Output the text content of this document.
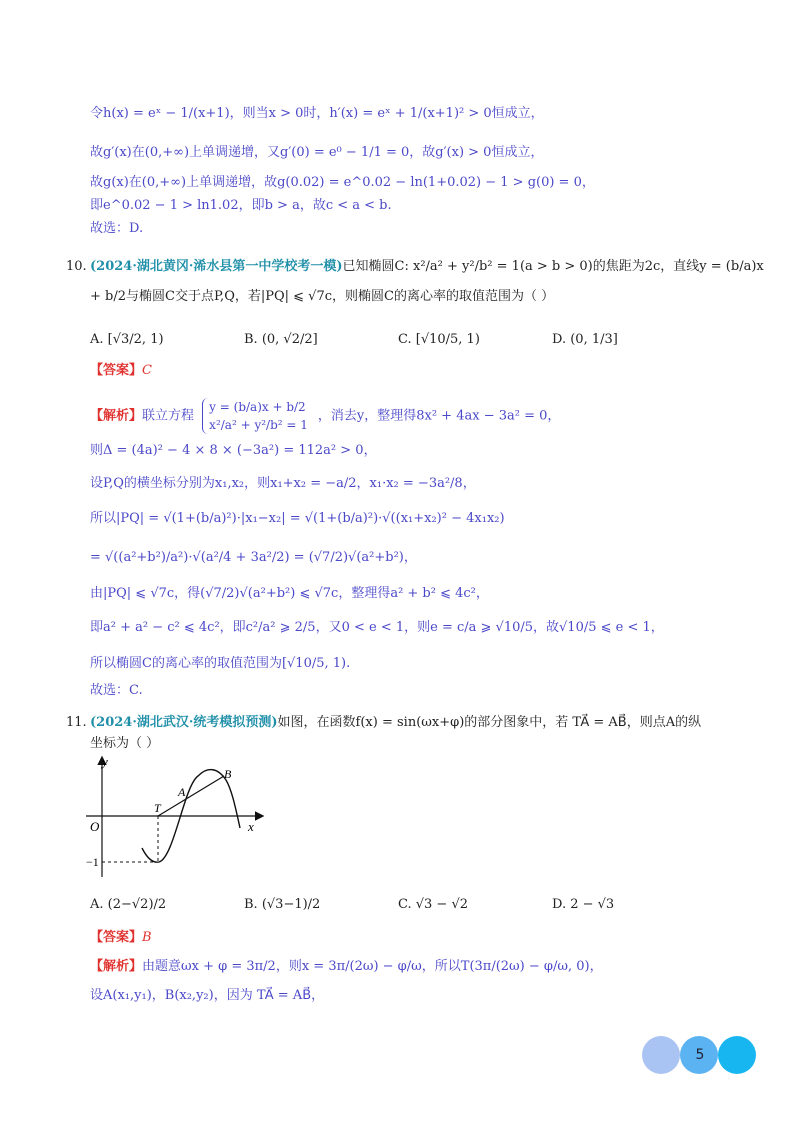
令h(x) = eˣ − 1/(x+1)，则当x > 0时，h′(x) = eˣ + 1/(x+1)² > 0恒成立，
故g′(x)在(0,+∞)上单调递增，又g′(0) = e⁰ − 1/1 = 0，故g′(x) > 0恒成立，
故g(x)在(0,+∞)上单调递增，故g(0.02) = e^0.02 − ln(1+0.02) − 1 > g(0) = 0，
即e^0.02 − 1 > ln1.02，即b > a，故c < a < b.
故选：D.
10. (2024·湖北黄冈·浠水县第一中学校考一模)已知椭圆C: x²/a² + y²/b² = 1(a > b > 0)的焦距为2c，直线y = (b/a)x
+ b/2与椭圆C交于点P,Q，若|PQ| ⩽ √7c，则椭圆C的离心率的取值范围为（ ）
A. [√3/2, 1)	B. (0, √2/2]	C. [√10/5, 1)	D. (0, 1/3]
【答案】C
【解析】联立方程
y = (b/a)x + b/2
x²/a² + y²/b² = 1
，消去y，整理得8x² + 4ax − 3a² = 0，
则Δ = (4a)² − 4 × 8 × (−3a²) = 112a² > 0，
设P,Q的横坐标分别为x₁,x₂，则x₁+x₂ = −a/2，x₁·x₂ = −3a²/8，
所以|PQ| = √(1+(b/a)²)·|x₁−x₂| = √(1+(b/a)²)·√((x₁+x₂)² − 4x₁x₂)
= √((a²+b²)/a²)·√(a²/4 + 3a²/2) = (√7/2)√(a²+b²)，
由|PQ| ⩽ √7c，得(√7/2)√(a²+b²) ⩽ √7c，整理得a² + b² ⩽ 4c²，
即a² + a² − c² ⩽ 4c²，即c²/a² ⩾ 2/5，又0 < e < 1，则e = c/a ⩾ √10/5，故√10/5 ⩽ e < 1，
所以椭圆C的离心率的取值范围为[√10/5, 1).
故选：C.
11. (2024·湖北武汉·统考模拟预测)如图，在函数f(x) = sin(ωx+φ)的部分图象中，若 TA⃗ = AB⃗，则点A的纵
坐标为（ ）
y
x
O
T
A
B
−1
A. (2−√2)/2	B. (√3−1)/2	C. √3 − √2	D. 2 − √3
【答案】B
【解析】由题意ωx + φ = 3π/2，则x = 3π/(2ω) − φ/ω，所以T(3π/(2ω) − φ/ω, 0)，
设A(x₁,y₁)，B(x₂,y₂)，因为 TA⃗ = AB⃗，
5
